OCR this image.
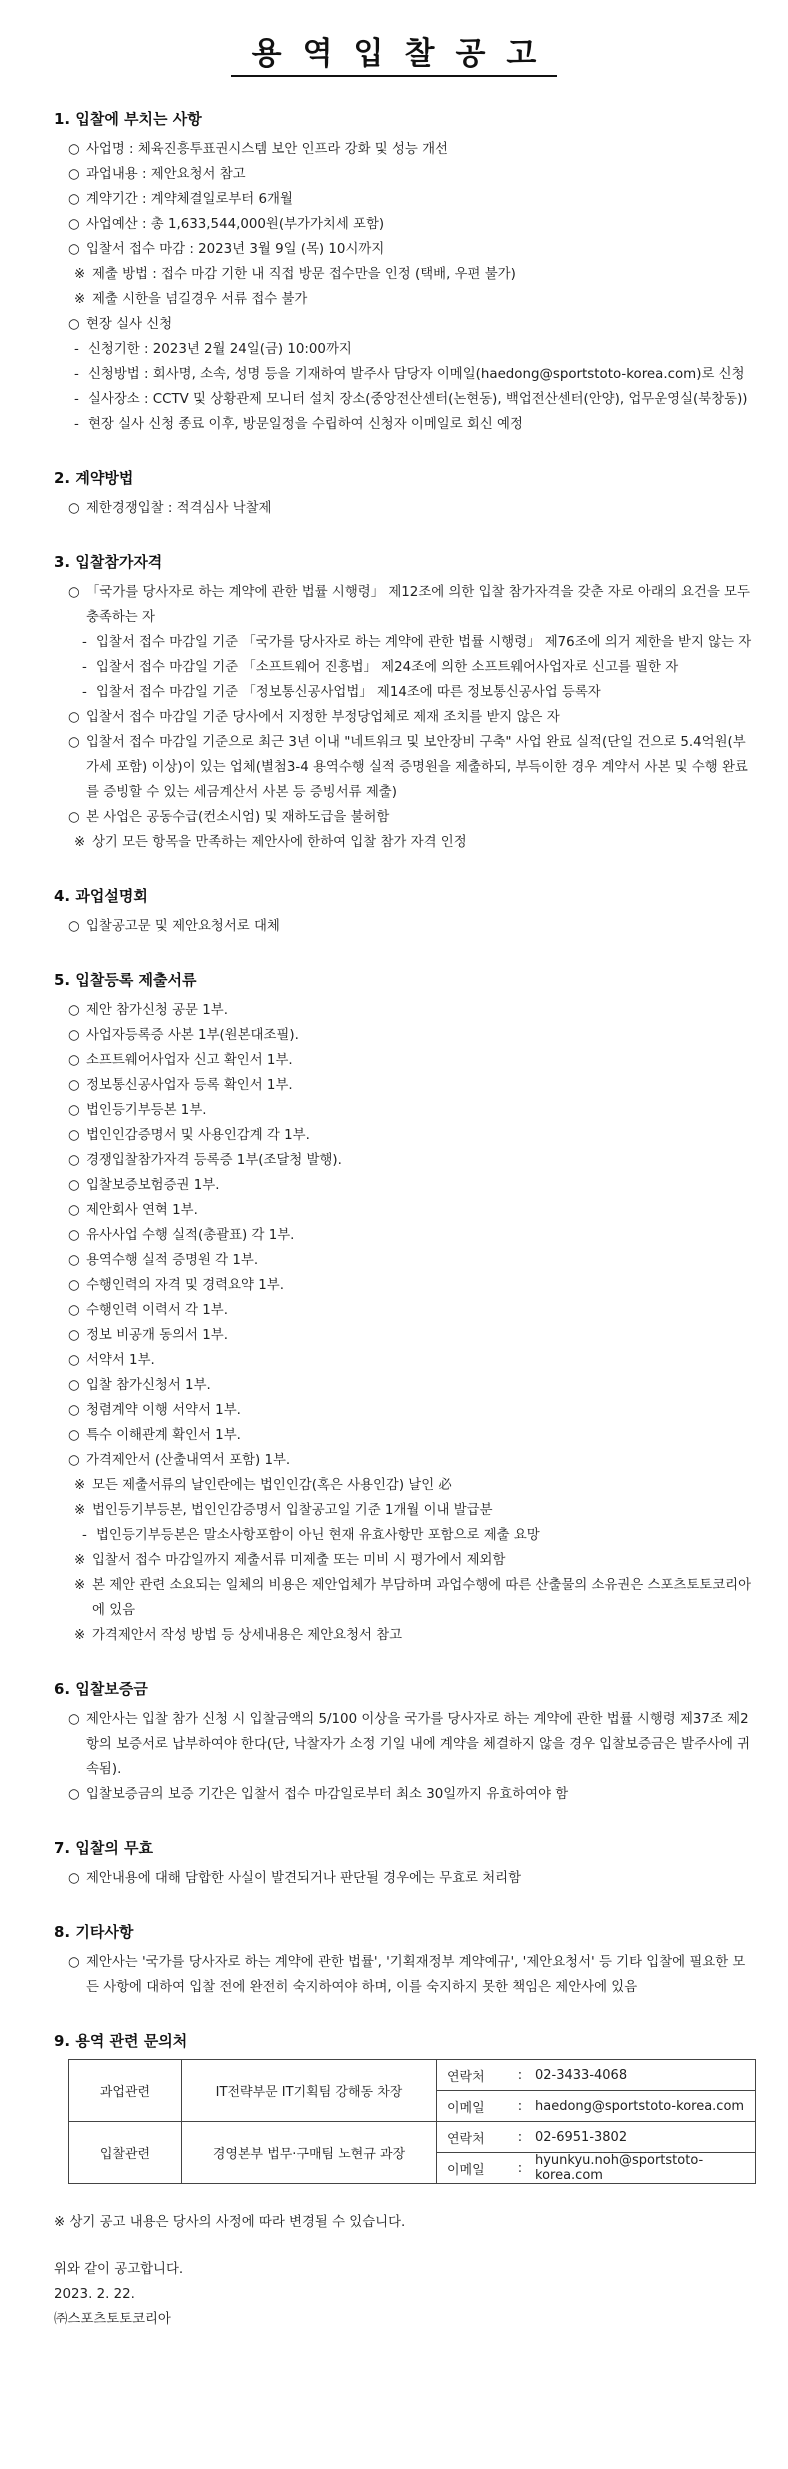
용역입찰공고
1. 입찰에 부치는 사항
○ 사업명 : 체육진흥투표권시스템 보안 인프라 강화 및 성능 개선
○ 과업내용 : 제안요청서 참고
○ 계약기간 : 계약체결일로부터 6개월
○ 사업예산 : 총 1,633,544,000원(부가가치세 포함)
○ 입찰서 접수 마감 : 2023년 3월 9일 (목) 10시까지
※ 제출 방법 : 접수 마감 기한 내 직접 방문 접수만을 인정 (택배, 우편 불가)
※ 제출 시한을 넘길경우 서류 접수 불가
○ 현장 실사 신청
- 신청기한 : 2023년 2월 24일(금) 10:00까지
- 신청방법 : 회사명, 소속, 성명 등을 기재하여 발주사 담당자 이메일(haedong@sportstoto-korea.com)로 신청
- 실사장소 : CCTV 및 상황관제 모니터 설치 장소(중앙전산센터(논현동), 백업전산센터(안양), 업무운영실(북창동))
- 현장 실사 신청 종료 이후, 방문일정을 수립하여 신청자 이메일로 회신 예정
2. 계약방법
○ 제한경쟁입찰 : 적격심사 낙찰제
3. 입찰참가자격
○ 「국가를 당사자로 하는 계약에 관한 법률 시행령」 제12조에 의한 입찰 참가자격을 갖춘 자로 아래의 요건을 모두 충족하는 자
- 입찰서 접수 마감일 기준 「국가를 당사자로 하는 계약에 관한 법률 시행령」 제76조에 의거 제한을 받지 않는 자
- 입찰서 접수 마감일 기준 「소프트웨어 진흥법」 제24조에 의한 소프트웨어사업자로 신고를 필한 자
- 입찰서 접수 마감일 기준 「정보통신공사업법」 제14조에 따른 정보통신공사업 등록자
○ 입찰서 접수 마감일 기준 당사에서 지정한 부정당업체로 제재 조치를 받지 않은 자
○ 입찰서 접수 마감일 기준으로 최근 3년 이내 "네트워크 및 보안장비 구축" 사업 완료 실적(단일 건으로 5.4억원(부가세 포함) 이상)이 있는 업체(별첨3-4 용역수행 실적 증명원을 제출하되, 부득이한 경우 계약서 사본 및 수행 완료를 증빙할 수 있는 세금계산서 사본 등 증빙서류 제출)
○ 본 사업은 공동수급(컨소시엄) 및 재하도급을 불허함
※ 상기 모든 항목을 만족하는 제안사에 한하여 입찰 참가 자격 인정
4. 과업설명회
○ 입찰공고문 및 제안요청서로 대체
5. 입찰등록 제출서류
○ 제안 참가신청 공문 1부.
○ 사업자등록증 사본 1부(원본대조필).
○ 소프트웨어사업자 신고 확인서 1부.
○ 정보통신공사업자 등록 확인서 1부.
○ 법인등기부등본 1부.
○ 법인인감증명서 및 사용인감계 각 1부.
○ 경쟁입찰참가자격 등록증 1부(조달청 발행).
○ 입찰보증보험증권 1부.
○ 제안회사 연혁 1부.
○ 유사사업 수행 실적(총괄표) 각 1부.
○ 용역수행 실적 증명원 각 1부.
○ 수행인력의 자격 및 경력요약 1부.
○ 수행인력 이력서 각 1부.
○ 정보 비공개 동의서 1부.
○ 서약서 1부.
○ 입찰 참가신청서 1부.
○ 청렴계약 이행 서약서 1부.
○ 특수 이해관계 확인서 1부.
○ 가격제안서 (산출내역서 포함) 1부.
※ 모든 제출서류의 날인란에는 법인인감(혹은 사용인감) 날인 必
※ 법인등기부등본, 법인인감증명서 입찰공고일 기준 1개월 이내 발급분
- 법인등기부등본은 말소사항포함이 아닌 현재 유효사항만 포함으로 제출 요망
※ 입찰서 접수 마감일까지 제출서류 미제출 또는 미비 시 평가에서 제외함
※ 본 제안 관련 소요되는 일체의 비용은 제안업체가 부담하며 과업수행에 따른 산출물의 소유권은 스포츠토토코리아에 있음
※ 가격제안서 작성 방법 등 상세내용은 제안요청서 참고
6. 입찰보증금
○ 제안사는 입찰 참가 신청 시 입찰금액의 5/100 이상을 국가를 당사자로 하는 계약에 관한 법률 시행령 제37조 제2항의 보증서로 납부하여야 한다(단, 낙찰자가 소정 기일 내에 계약을 체결하지 않을 경우 입찰보증금은 발주사에 귀속됨).
○ 입찰보증금의 보증 기간은 입찰서 접수 마감일로부터 최소 30일까지 유효하여야 함
7. 입찰의 무효
○ 제안내용에 대해 담합한 사실이 발견되거나 판단될 경우에는 무효로 처리함
8. 기타사항
○ 제안사는 '국가를 당사자로 하는 계약에 관한 법률', '기획재정부 계약예규', '제안요청서' 등 기타 입찰에 필요한 모든 사항에 대하여 입찰 전에 완전히 숙지하여야 하며, 이를 숙지하지 못한 책임은 제안사에 있음
9. 용역 관련 문의처
과업관련	IT전략부문 IT기획팀 강해동 차장	연락처	:	02-3433-4068
		이메일	:	haedong@sportstoto-korea.com
입찰관련	경영본부 법무·구매팀 노현규 과장	연락처	:	02-6951-3802
		이메일	:	hyunkyu.noh@sportstoto-korea.com
※ 상기 공고 내용은 당사의 사정에 따라 변경될 수 있습니다.
위와 같이 공고합니다.
2023. 2. 22.
㈜스포츠토토코리아
